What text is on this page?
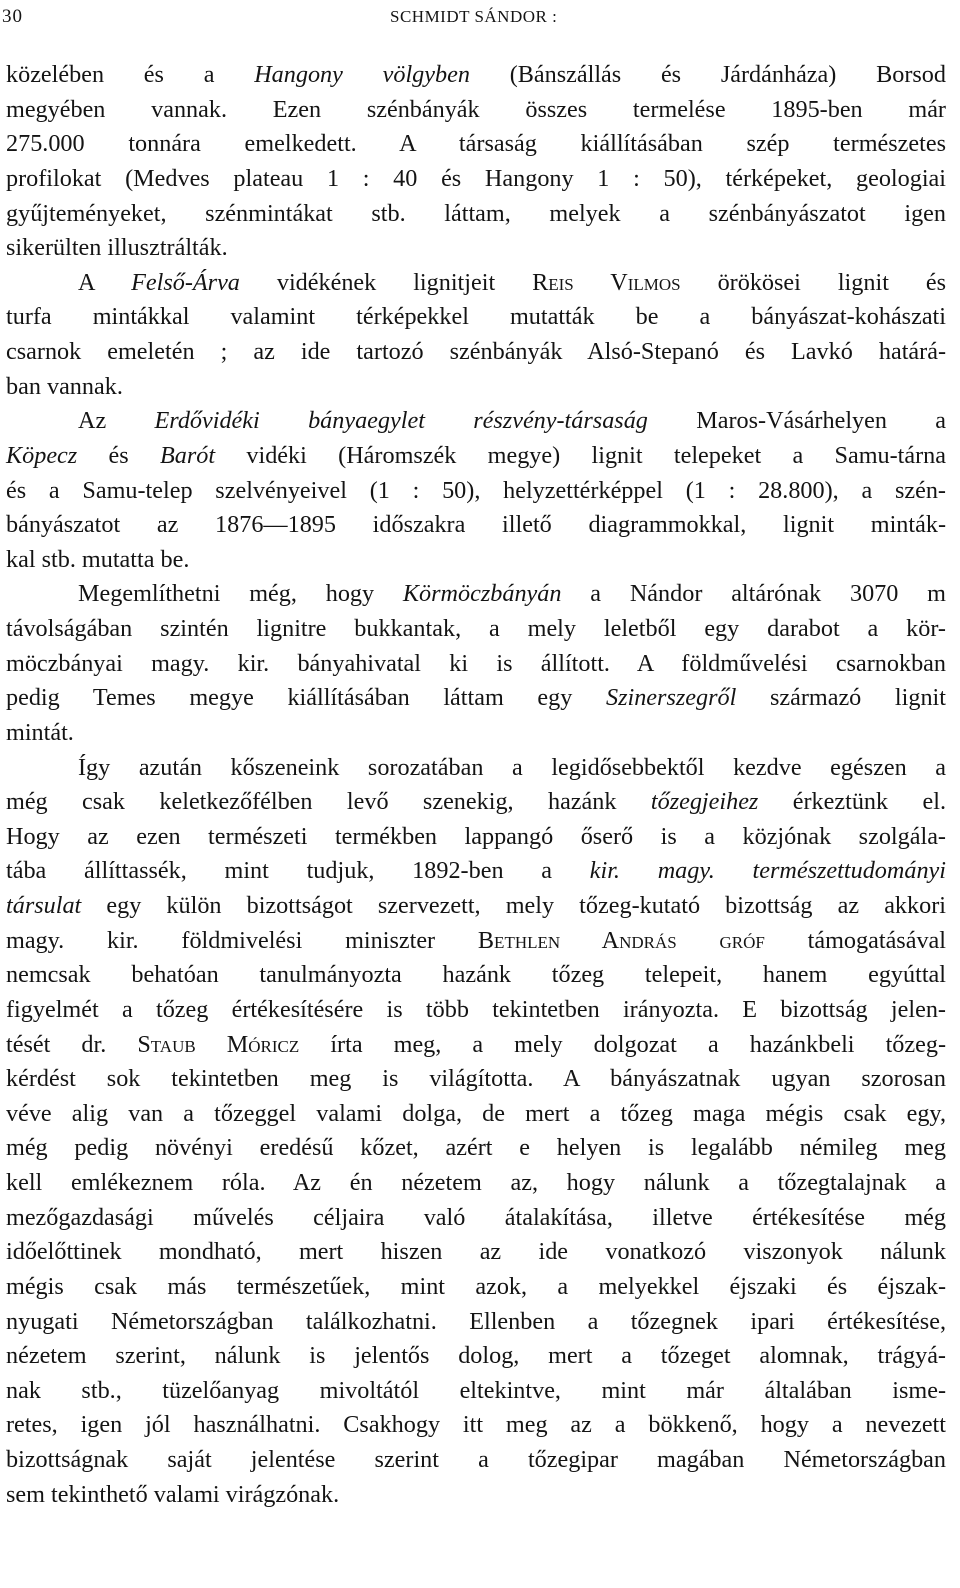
30	SCHMIDT SÁNDOR :
közelében és a Hangony völgyben (Bánszállás és Járdánháza) Borsod
megyében vannak. Ezen szénbányák összes termelése 1895-ben már
275.000 tonnára emelkedett. A társaság kiállításában szép természetes
profilokat (Medves plateau 1 : 40 és Hangony 1 : 50), térképeket, geologiai
gyűjteményeket, szénmintákat stb. láttam, melyek a szénbányászatot igen
sikerülten illusztrálták.
A Felső-Árva vidékének lignitjeit Reis Vilmos örökösei lignit és
turfa mintákkal valamint térképekkel mutatták be a bányászat-kohászati
csarnok emeletén ; az ide tartozó szénbányák Alsó-Stepanó és Lavkó határá-
ban vannak.
Az Erdővidéki bányaegylet részvény-társaság Maros-Vásárhelyen a
Köpecz és Barót vidéki (Háromszék megye) lignit telepeket a Samu-tárna
és a Samu-telep szelvényeivel (1 : 50), helyzettérképpel (1 : 28.800), a szén-
bányászatot az 1876—1895 időszakra illető diagrammokkal, lignit minták-
kal stb. mutatta be.
Megemlíthetni még, hogy Körmöczbányán a Nándor altárónak 3070 m
távolságában szintén lignitre bukkantak, a mely leletből egy darabot a kör-
möczbányai magy. kir. bányahivatal ki is állított. A földművelési csarnokban
pedig Temes megye kiállításában láttam egy Szinerszegről származó lignit
mintát.
Így azután kőszeneink sorozatában a legidősebbektől kezdve egészen a
még csak keletkezőfélben levő szenekig, hazánk tőzegjeihez érkeztünk el.
Hogy az ezen természeti termékben lappangó őserő is a közjónak szolgála-
tába állíttassék, mint tudjuk, 1892-ben a kir. magy. természettudományi
társulat egy külön bizottságot szervezett, mely tőzeg-kutató bizottság az akkori
magy. kir. földmivelési miniszter Bethlen András gróf támogatásával
nemcsak behatóan tanulmányozta hazánk tőzeg telepeit, hanem egyúttal
figyelmét a tőzeg értékesítésére is több tekintetben irányozta. E bizottság jelen-
tését dr. Staub Móricz írta meg, a mely dolgozat a hazánkbeli tőzeg-
kérdést sok tekintetben meg is világította. A bányászatnak ugyan szorosan
véve alig van a tőzeggel valami dolga, de mert a tőzeg maga mégis csak egy,
még pedig növényi eredésű kőzet, azért e helyen is legalább némileg meg
kell emlékeznem róla. Az én nézetem az, hogy nálunk a tőzegtalajnak a
mezőgazdasági művelés céljaira való átalakítása, illetve értékesítése még
időelőttinek mondható, mert hiszen az ide vonatkozó viszonyok nálunk
mégis csak más természetűek, mint azok, a melyekkel éjszaki és éjszak-
nyugati Németországban találkozhatni. Ellenben a tőzegnek ipari értékesítése,
nézetem szerint, nálunk is jelentős dolog, mert a tőzeget alomnak, trágyá-
nak stb., tüzelőanyag mivoltától eltekintve, mint már általában isme-
retes, igen jól használhatni. Csakhogy itt meg az a bökkenő, hogy a nevezett
bizottságnak saját jelentése szerint a tőzegipar magában Németországban
sem tekinthető valami virágzónak.
